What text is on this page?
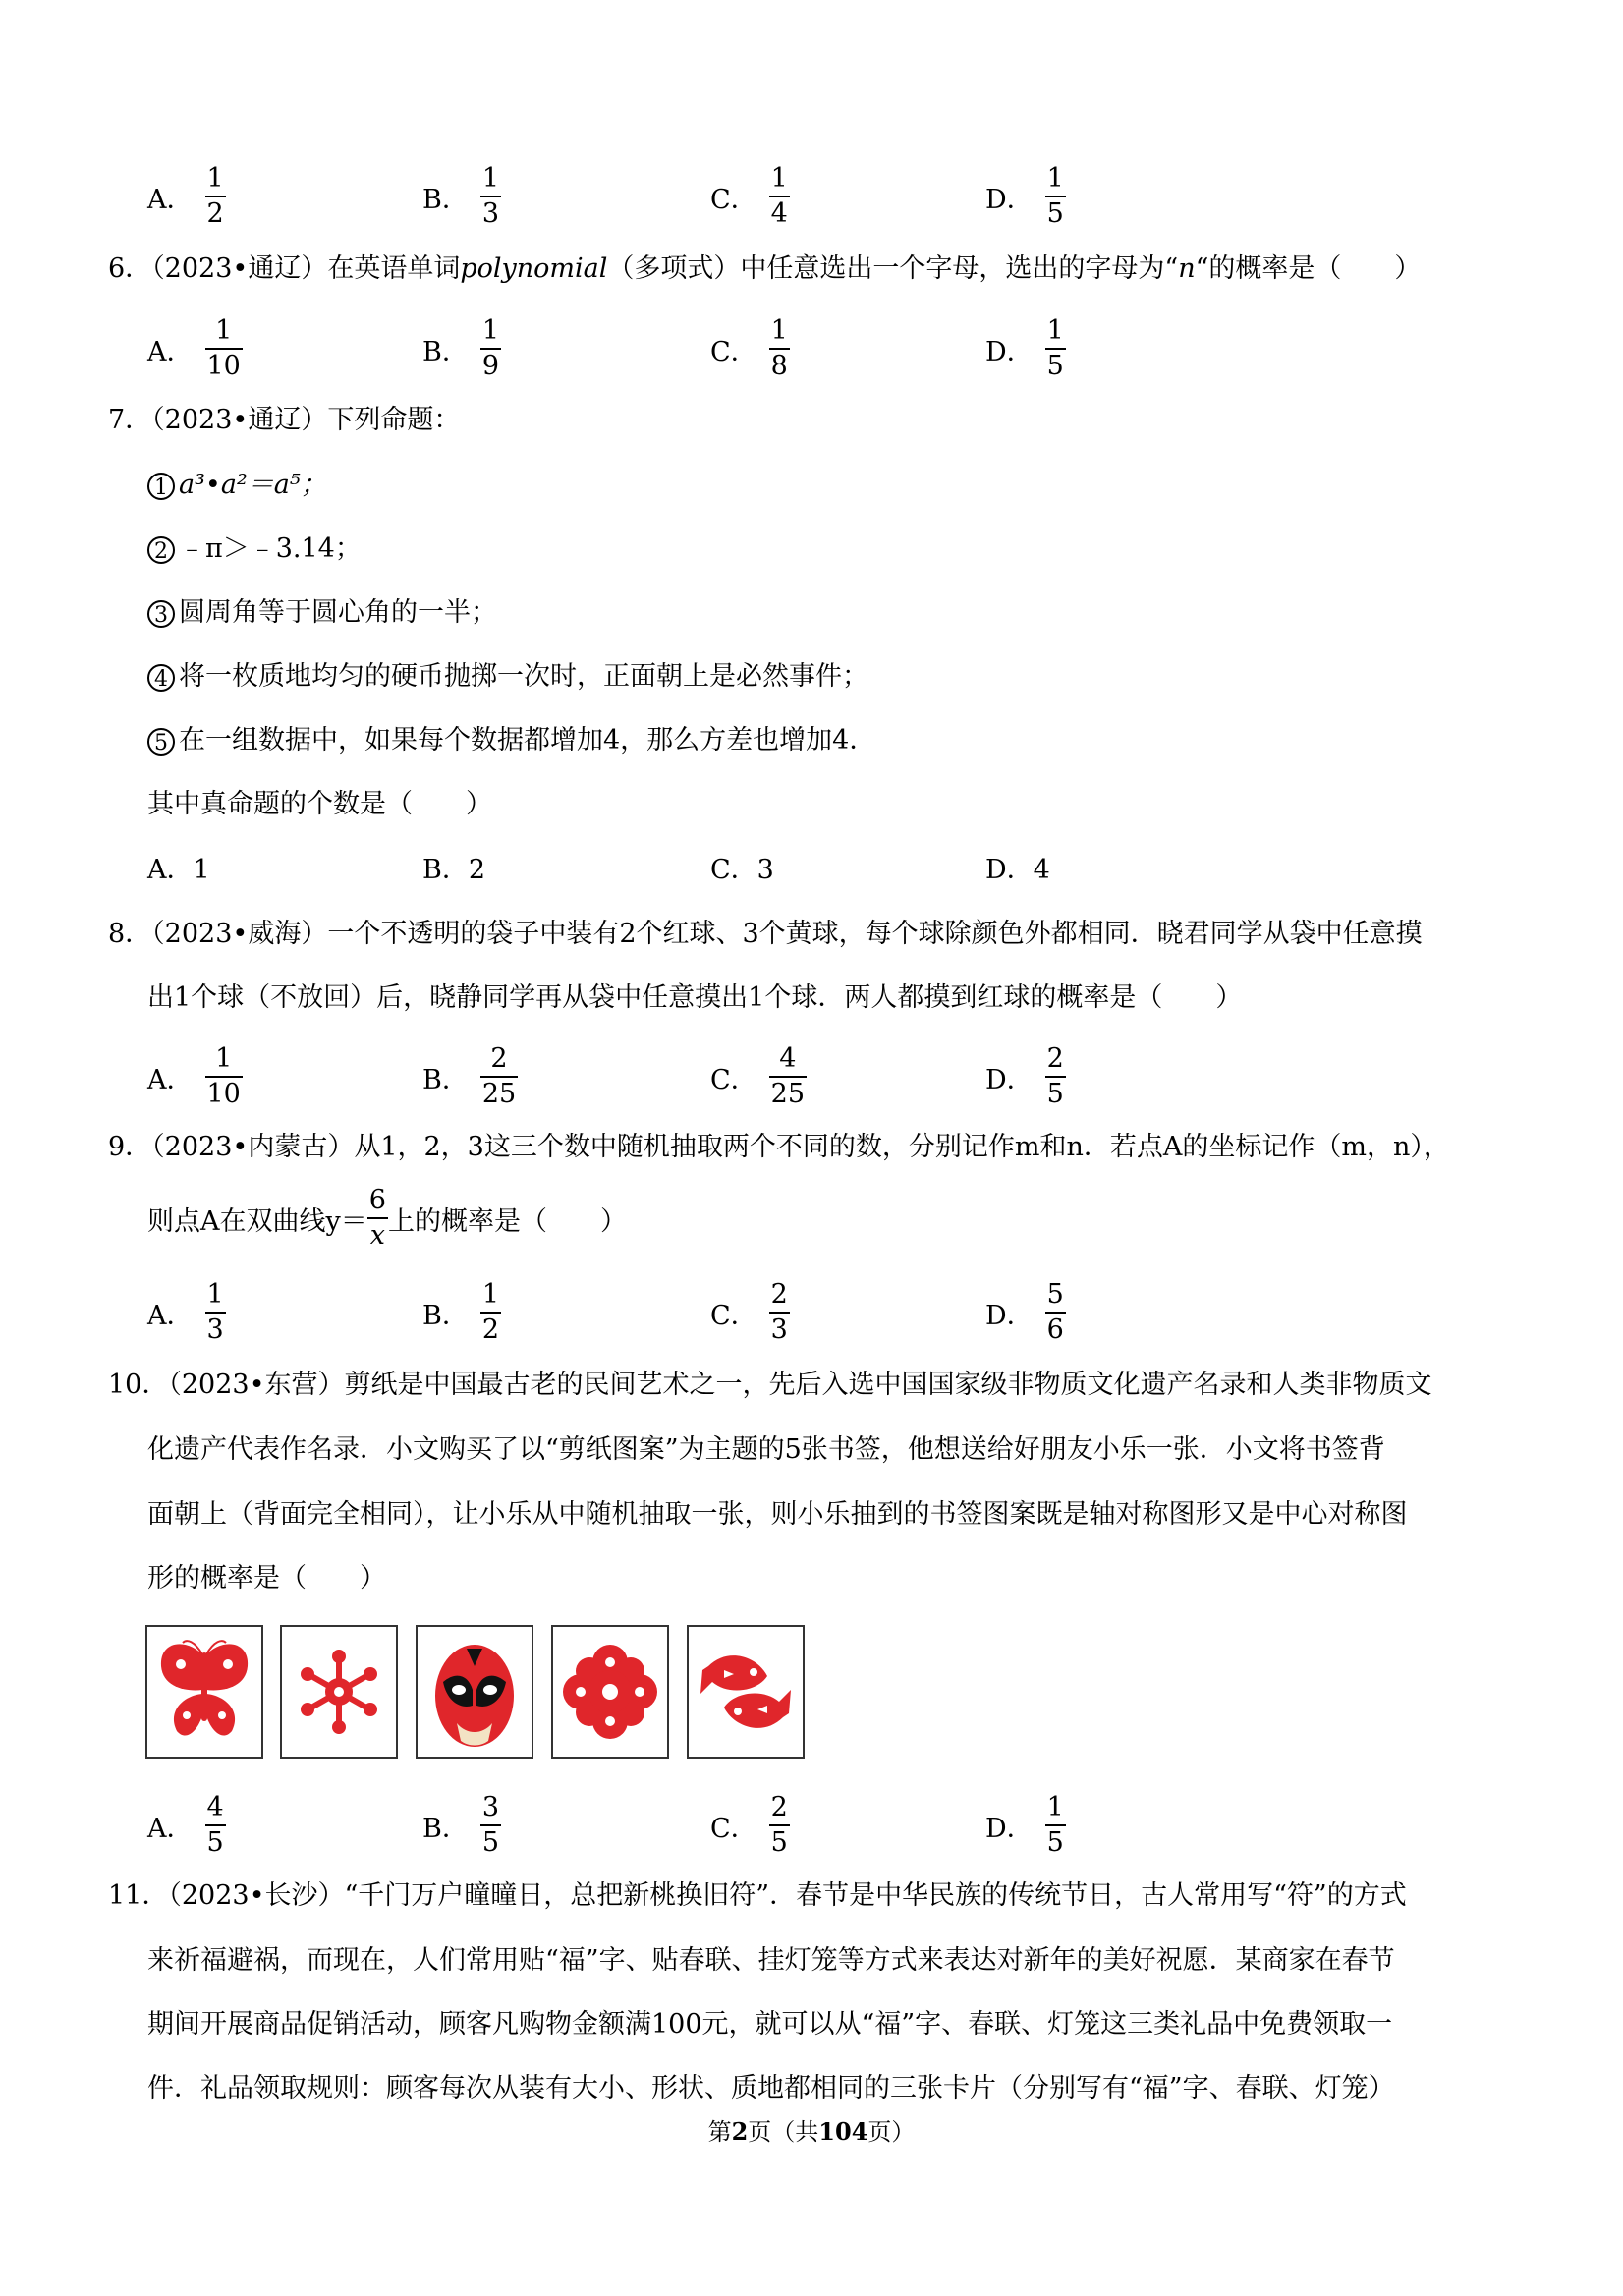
A． $\frac{1}{2}$	B． $\frac{1}{3}$	C． $\frac{1}{4}$	D． $\frac{1}{5}$
6．（2023•通辽）在英语单词polynomial（多项式）中任意选出一个字母，选出的字母为“n“的概率是（　　）
A． $\frac{1}{10}$	B． $\frac{1}{9}$	C． $\frac{1}{8}$	D． $\frac{1}{5}$
7．（2023•通辽）下列命题：
1 a³•a²＝a⁵；
2 ﹣π＞﹣3.14；
3 圆周角等于圆心角的一半；
4 将一枚质地均匀的硬币抛掷一次时，正面朝上是必然事件；
5 在一组数据中，如果每个数据都增加4，那么方差也增加4．
其中真命题的个数是（　　）
A．1	B．2	C．3	D．4
8．（2023•威海）一个不透明的袋子中装有2个红球、3个黄球，每个球除颜色外都相同．晓君同学从袋中任意摸
出1个球（不放回）后，晓静同学再从袋中任意摸出1个球．两人都摸到红球的概率是（　　）
A． $\frac{1}{10}$	B． $\frac{2}{25}$	C． $\frac{4}{25}$	D． $\frac{2}{5}$
9．（2023•内蒙古）从1，2，3这三个数中随机抽取两个不同的数，分别记作m和n．若点A的坐标记作（m，n），
则点A在双曲线$y= \frac{6}{x}$ 上的概率是（　　）
A． $\frac{1}{3}$	B． $\frac{1}{2}$	C． $\frac{2}{3}$	D． $\frac{5}{6}$
10．（2023•东营）剪纸是中国最古老的民间艺术之一，先后入选中国国家级非物质文化遗产名录和人类非物质文
化遗产代表作名录．小文购买了以“剪纸图案”为主题的5张书签，他想送给好朋友小乐一张．小文将书签背
面朝上（背面完全相同），让小乐从中随机抽取一张，则小乐抽到的书签图案既是轴对称图形又是中心对称图
形的概率是（　　）
A． $\frac{4}{5}$	B． $\frac{3}{5}$	C． $\frac{2}{5}$	D． $\frac{1}{5}$
11．（2023•长沙）“千门万户曈曈日，总把新桃换旧符”．春节是中华民族的传统节日，古人常用写“符”的方式
来祈福避祸，而现在，人们常用贴“福”字、贴春联、挂灯笼等方式来表达对新年的美好祝愿．某商家在春节
期间开展商品促销活动，顾客凡购物金额满100元，就可以从“福”字、春联、灯笼这三类礼品中免费领取一
件．礼品领取规则：顾客每次从装有大小、形状、质地都相同的三张卡片（分别写有“福”字、春联、灯笼）
第2页（共104页）
